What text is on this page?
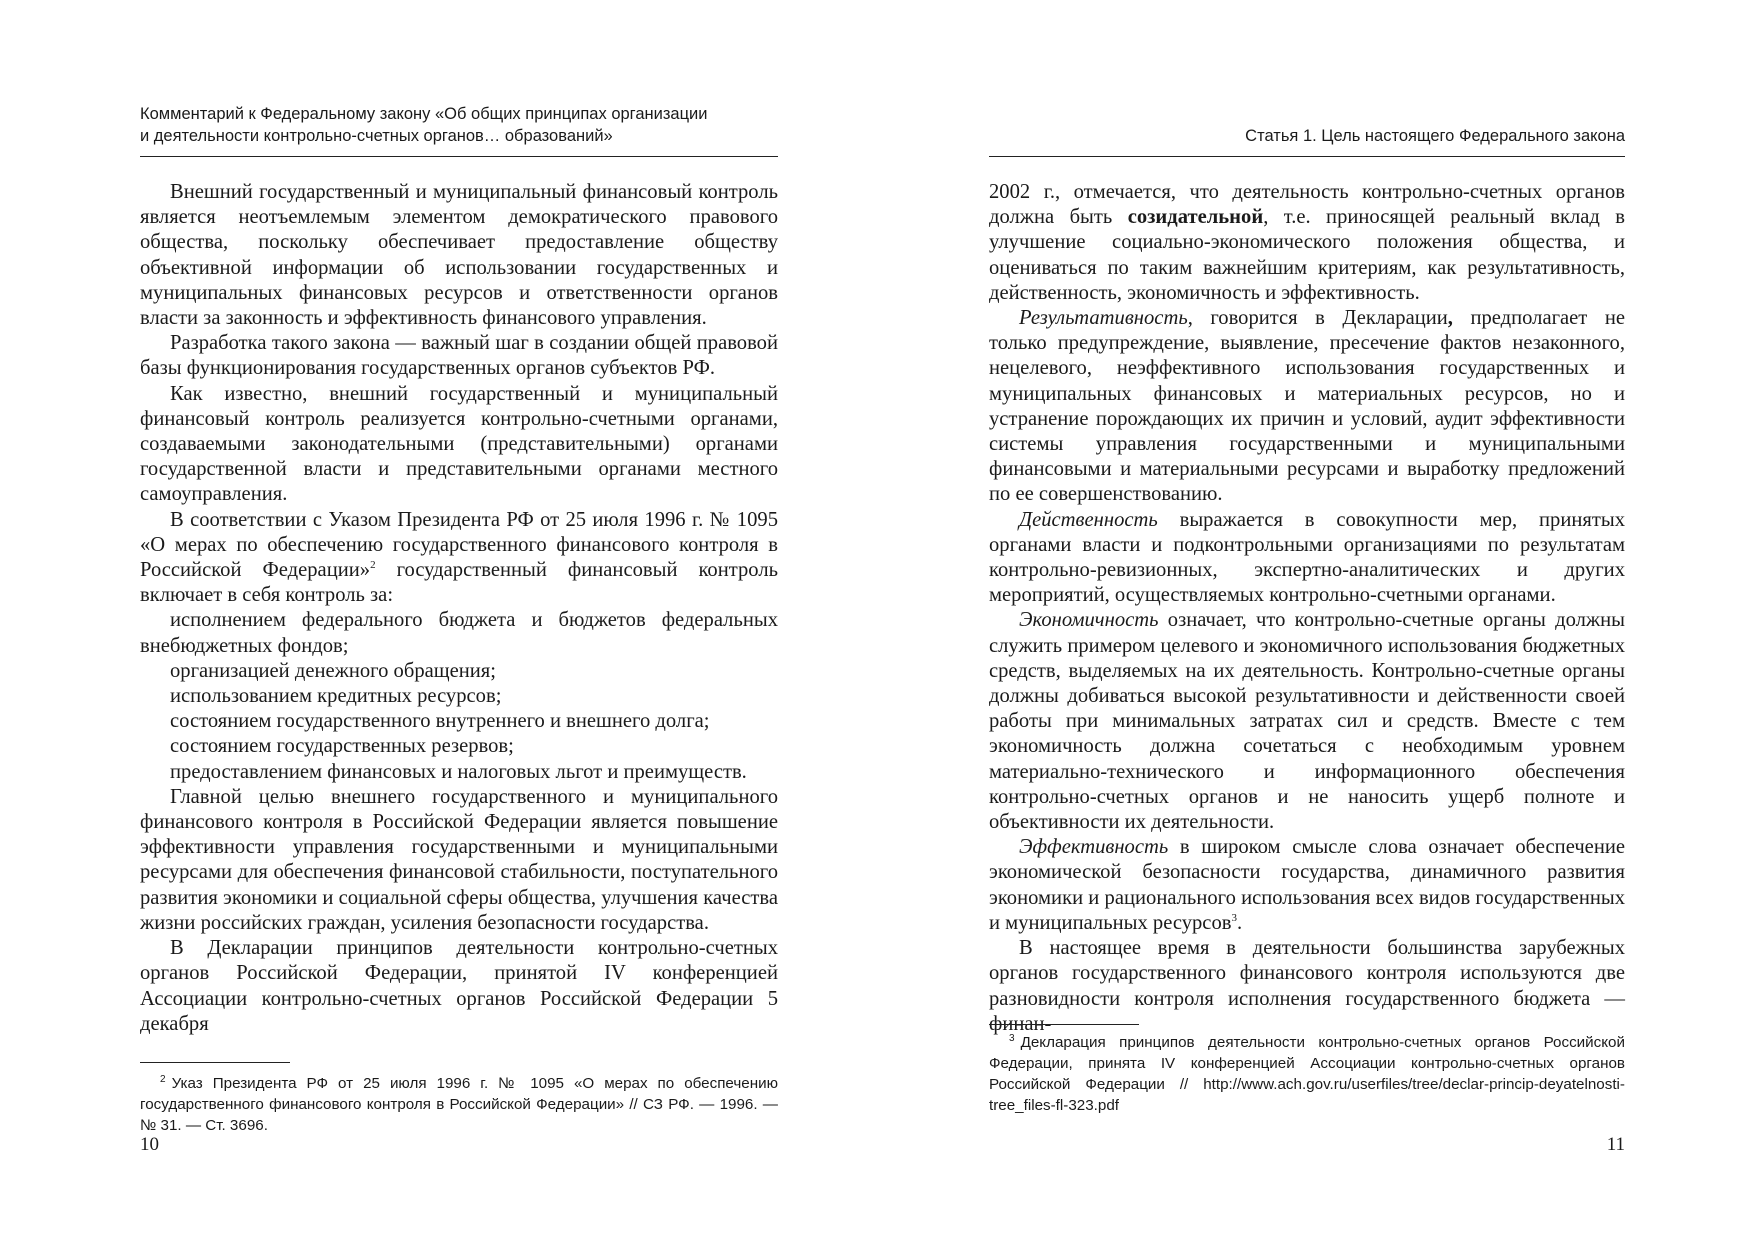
Комментарий к Федеральному закону «Об общих принципах организации
и деятельности контрольно-счетных органов… образований»

Внешний государственный и муниципальный финансовый контроль является неотъемлемым элементом демократического правового общества, поскольку обеспечивает предоставление обществу объективной информации об использовании государственных и муниципальных финансовых ресурсов и ответственности органов власти за законность и эффективность финансового управления.

Разработка такого закона — важный шаг в создании общей правовой базы функционирования государственных органов субъектов РФ.

Как известно, внешний государственный и муниципальный финансовый контроль реализуется контрольно-счетными органами, создаваемыми законодательными (представительными) органами государственной власти и представительными органами местного самоуправления.

В соответствии с Указом Президента РФ от 25 июля 1996 г. № 1095 «О мерах по обеспечению государственного финансового контроля в Российской Федерации»$^2$ государственный финансовый контроль включает в себя контроль за:

исполнением федерального бюджета и бюджетов федеральных внебюджетных фондов;

организацией денежного обращения;

использованием кредитных ресурсов;

состоянием государственного внутреннего и внешнего долга;

состоянием государственных резервов;

предоставлением финансовых и налоговых льгот и преимуществ.

Главной целью внешнего государственного и муниципального финансового контроля в Российской Федерации является повышение эффективности управления государственными и муниципальными ресурсами для обеспечения финансовой стабильности, поступательного развития экономики и социальной сферы общества, улучшения качества жизни российских граждан, усиления безопасности государства.

В Декларации принципов деятельности контрольно-счетных органов Российской Федерации, принятой IV конференцией Ассоциации контрольно-счетных органов Российской Федерации 5 декабря

$^2$ Указ Президента РФ от 25 июля 1996 г. № 1095 «О мерах по обеспечению государственного финансового контроля в Российской Федерации» // СЗ РФ. — 1996. — № 31. — Ст. 3696.
10
Статья 1. Цель настоящего Федерального закона

2002 г., отмечается, что деятельность контрольно-счетных органов должна быть созидательной, т.е. приносящей реальный вклад в улучшение социально-экономического положения общества, и оцениваться по таким важнейшим критериям, как результативность, действенность, экономичность и эффективность.

Результативность, говорится в Декларации, предполагает не только предупреждение, выявление, пресечение фактов незаконного, нецелевого, неэффективного использования государственных и муниципальных финансовых и материальных ресурсов, но и устранение порождающих их причин и условий, аудит эффективности системы управления государственными и муниципальными финансовыми и материальными ресурсами и выработку предложений по ее совершенствованию.

Действенность выражается в совокупности мер, принятых органами власти и подконтрольными организациями по результатам контрольно-ревизионных, экспертно-аналитических и других мероприятий, осуществляемых контрольно-счетными органами.

Экономичность означает, что контрольно-счетные органы должны служить примером целевого и экономичного использования бюджетных средств, выделяемых на их деятельность. Контрольно-счетные органы должны добиваться высокой результативности и действенности своей работы при минимальных затратах сил и средств. Вместе с тем экономичность должна сочетаться с необходимым уровнем материально-технического и информационного обеспечения контрольно-счетных органов и не наносить ущерб полноте и объективности их деятельности.

Эффективность в широком смысле слова означает обеспечение экономической безопасности государства, динамичного развития экономики и рационального использования всех видов государственных и муниципальных ресурсов$^3$.

В настоящее время в деятельности большинства зарубежных органов государственного финансового контроля используются две разновидности контроля исполнения государственного бюджета — финан-

$^3$ Декларация принципов деятельности контрольно-счетных органов Российской Федерации, принята IV конференцией Ассоциации контрольно-счетных органов Российской Федерации // http://www.ach.gov.ru/userfiles/tree/declar-princip-deyatelnosti-tree_files-fl-323.pdf
11
